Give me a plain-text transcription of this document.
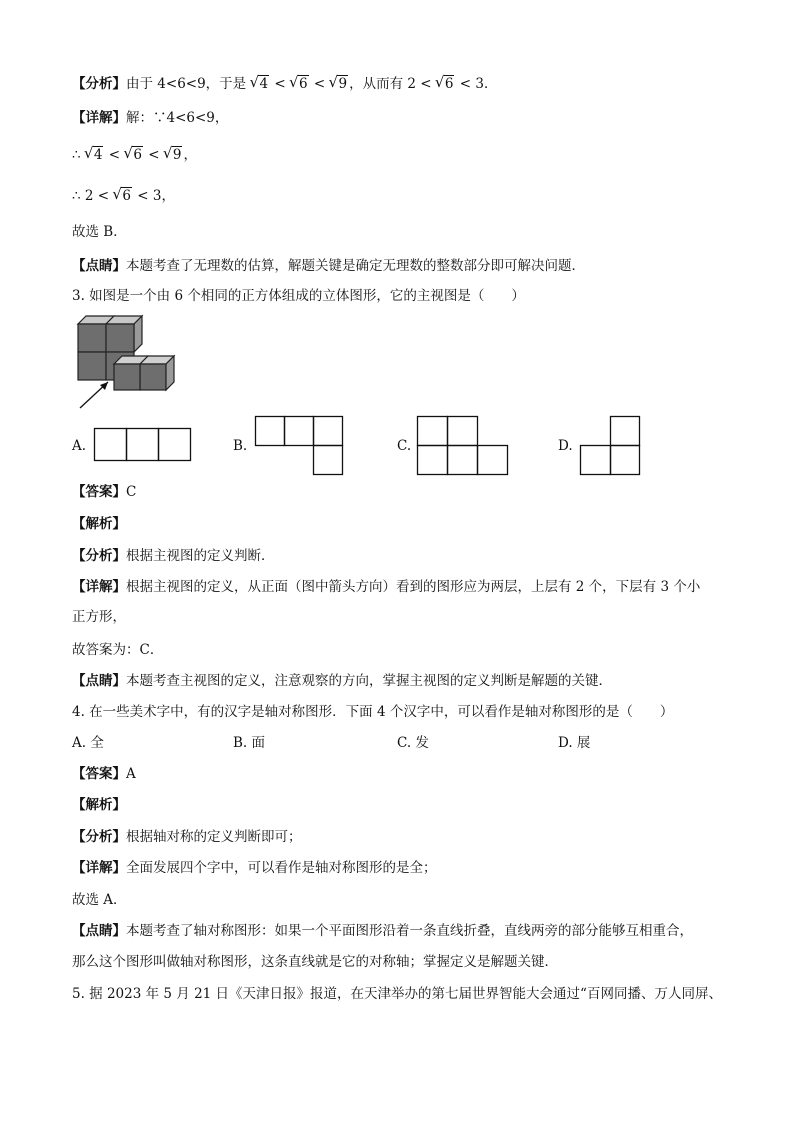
【分析】由于 4<6<9，于是 √ 4 < √ 6 < √ 9 ，从而有 2 < √ 6 < 3．
【详解】解：∵4<6<9，
∴ √ 4 < √ 6 < √ 9 ，
∴ 2 < √ 6 < 3，
故选 B．
【点睛】本题考查了无理数的估算，解题关键是确定无理数的整数部分即可解决问题．
3. 如图是一个由 6 个相同的正方体组成的立体图形，它的主视图是（　　）
A.	B.	C.	D.
【答案】C
【解析】
【分析】根据主视图的定义判断．
【详解】根据主视图的定义，从正面（图中箭头方向）看到的图形应为两层，上层有 2 个，下层有 3 个小
正方形，
故答案为：C．
【点睛】本题考查主视图的定义，注意观察的方向，掌握主视图的定义判断是解题的关键．
4. 在一些美术字中，有的汉字是轴对称图形．下面 4 个汉字中，可以看作是轴对称图形的是（　　）
A. 全	B. 面	C. 发	D. 展
【答案】A
【解析】
【分析】根据轴对称的定义判断即可；
【详解】全面发展四个字中，可以看作是轴对称图形的是全；
故选 A．
【点睛】本题考查了轴对称图形：如果一个平面图形沿着一条直线折叠，直线两旁的部分能够互相重合，
那么这个图形叫做轴对称图形，这条直线就是它的对称轴；掌握定义是解题关键．
5. 据 2023 年 5 月 21 日《天津日报》报道，在天津举办的第七届世界智能大会通过“百网同播、万人同屏、
